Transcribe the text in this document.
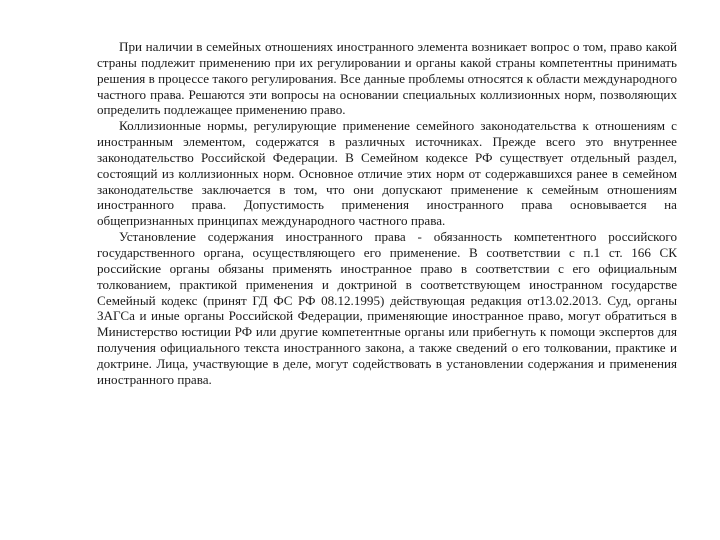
При наличии в семейных отношениях иностранного элемента возникает вопрос о том, право какой страны подлежит применению при их регулировании и органы какой страны компетентны принимать решения в процессе такого регулирования. Все данные проблемы относятся к области международного частного права. Решаются эти вопросы на основании специальных коллизионных норм, позволяющих определить подлежащее применению право.

Коллизионные нормы, регулирующие применение семейного законодательства к отношениям с иностранным элементом, содержатся в различных источниках. Прежде всего это внутреннее законодательство Российской Федерации. В Семейном кодексе РФ существует отдельный раздел, состоящий из коллизионных норм. Основное отличие этих норм от содержавшихся ранее в семейном законодательстве заключается в том, что они допускают применение к семейным отношениям иностранного права. Допустимость применения иностранного права основывается на общепризнанных принципах международного частного права.

Установление содержания иностранного права - обязанность компетентного российского государственного органа, осуществляющего его применение. В соответствии с п.1 ст. 166 СК российские органы обязаны применять иностранное право в соответствии с его официальным толкованием, практикой применения и доктриной в соответствующем иностранном государстве Семейный кодекс (принят ГД ФС РФ 08.12.1995) действующая редакция от13.02.2013. Суд, органы ЗАГСа и иные органы Российской Федерации, применяющие иностранное право, могут обратиться в Министерство юстиции РФ или другие компетентные органы или прибегнуть к помощи экспертов для получения официального текста иностранного закона, а также сведений о его толковании, практике и доктрине. Лица, участвующие в деле, могут содействовать в установлении содержания и применения иностранного права.
